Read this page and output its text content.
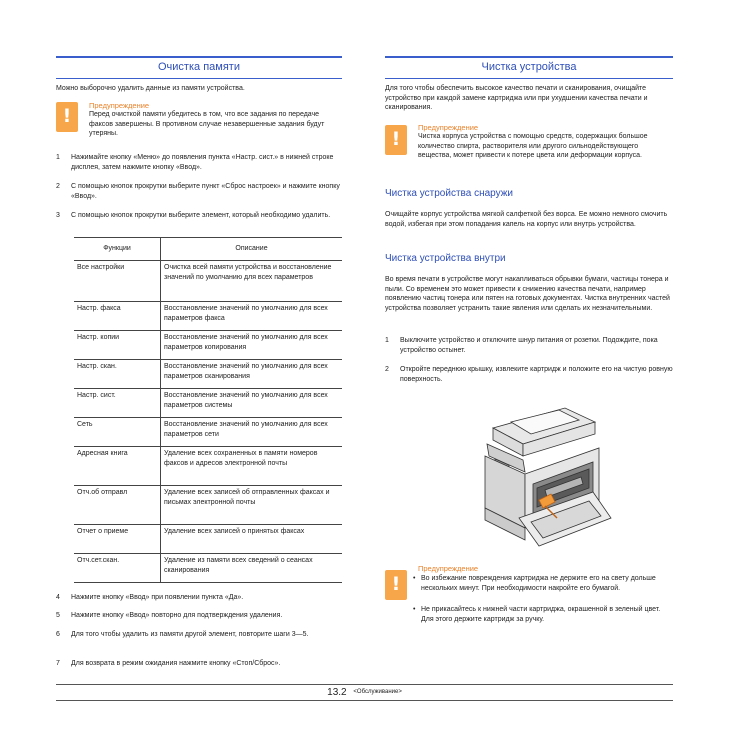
Очистка памяти

Можно выборочно удалить данные из памяти устройства.

!
Предупреждение
Перед очисткой памяти убедитесь в том, что все задания по передаче факсов завершены. В противном случае незавершенные задания будут утеряны.
1 Нажимайте кнопку «Меню» до появления пункта «Настр. сист.» в нижней строке дисплея, затем нажмите кнопку «Ввод».
2 С помощью кнопок прокрутки выберите пункт «Сброс настроек» и нажмите кнопку «Ввод».
3 С помощью кнопок прокрутки выберите элемент, который необходимо удалить.
Функции	Описание
Все настройки	Очистка всей памяти устройства и восстановление значений по умолчанию для всех параметров
Настр. факса	Восстановление значений по умолчанию для всех параметров факса
Настр. копии	Восстановление значений по умолчанию для всех параметров копирования
Настр. скан.	Восстановление значений по умолчанию для всех параметров сканирования
Настр. сист.	Восстановление значений по умолчанию для всех параметров системы
Сеть	Восстановление значений по умолчанию для всех параметров сети
Адресная книга	Удаление всех сохраненных в памяти номеров факсов и адресов электронной почты
Отч.об отправл	Удаление всех записей об отправленных факсах и письмах электронной почты
Отчет о приеме	Удаление всех записей о принятых факсах
Отч.сет.скан.	Удаление из памяти всех сведений о сеансах сканирования
4 Нажмите кнопку «Ввод» при появлении пункта «Да».
5 Нажмите кнопку «Ввод» повторно для подтверждения удаления.
6 Для того чтобы удалить из памяти другой элемент, повторите шаги 3—5.
7 Для возврата в режим ожидания нажмите кнопку «Стоп/Сброс».
Чистка устройства

Для того чтобы обеспечить высокое качество печати и сканирования, очищайте устройство при каждой замене картриджа или при ухудшении качества печати и сканирования.

!
Предупреждение
Чистка корпуса устройства с помощью средств, содержащих большое количество спирта, растворителя или другого сильнодействующего вещества, может привести к потере цвета или деформации корпуса.
Чистка устройства снаружи

Очищайте корпус устройства мягкой салфеткой без ворса. Ее можно немного смочить водой, избегая при этом попадания капель на корпус или внутрь устройства.

Чистка устройства внутри

Во время печати в устройстве могут накапливаться обрывки бумаги, частицы тонера и пыли. Со временем это может привести к снижению качества печати, например появлению частиц тонера или пятен на готовых документах. Чистка внутренних частей устройства позволяет устранить такие явления или сделать их незначительными.

1 Выключите устройство и отключите шнур питания от розетки. Подождите, пока устройство остынет.
2 Откройте переднюю крышку, извлеките картридж и положите его на чистую ровную поверхность.
!
Предупреждение
• Во избежание повреждения картриджа не держите его на свету дольше нескольких минут. При необходимости накройте его бумагой.
• Не прикасайтесь к нижней части картриджа, окрашенной в зеленый цвет. Для этого держите картридж за ручку.
13.2 <Обслуживание>
